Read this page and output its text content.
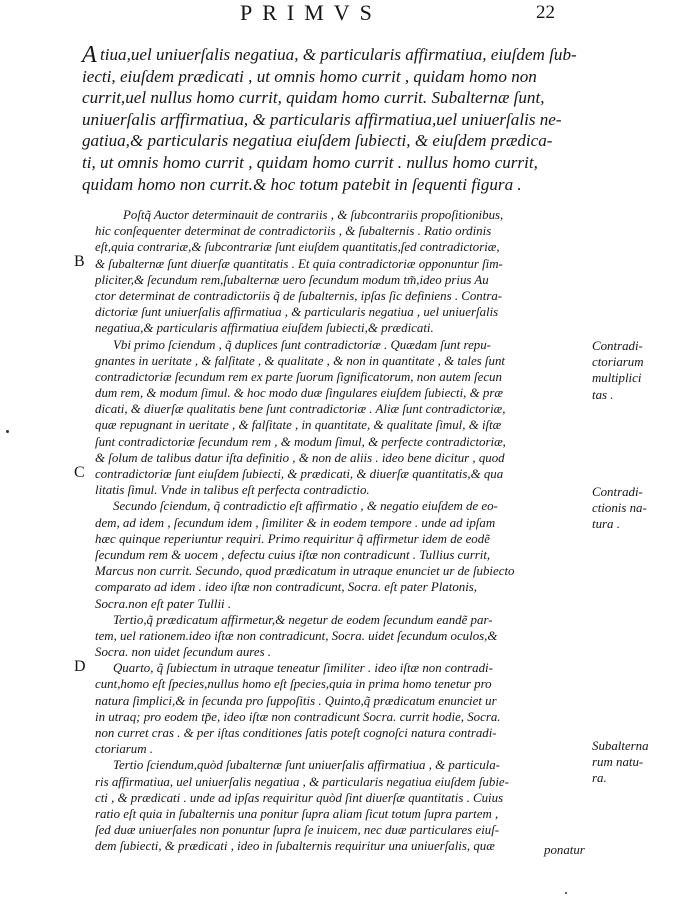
PRIMVS	22
A tiua,uel uniuerſalis negatiua, & particularis affirmatiua, eiuſdem ſub-
iecti, eiuſdem prædicati , ut omnis homo currit , quidam homo non
currit,uel nullus homo currit, quidam homo currit. Subalternæ ſunt,
uniuerſalis arffirmatiua, & particularis affirmatiua,uel uniuerſalis ne-
gatiua,& particularis negatiua eiuſdem ſubiecti, & eiuſdem prædica-
ti, ut omnis homo currit , quidam homo currit . nullus homo currit,
quidam homo non currit.& hoc totum patebit in ſequenti figura .
Poſtq̃ Auctor determinauit de contrariis , & ſubcontrariis propoſitionibus,
hic conſequenter determinat de contradictoriis , & ſubalternis . Ratio ordinis
eſt,quia contrariæ,& ſubcontrariæ ſunt eiuſdem quantitatis,ſed contradictoriæ,
& ſubalternæ ſunt diuerſæ quantitatis . Et quia contradictoriæ opponuntur ſim-
pliciter,& ſecundum rem,ſubalternæ uero ſecundum modum tm̃,ideo prius Au
ctor determinat de contradictoriis q̃ de ſubalternis, ipſas ſic definiens . Contra-
dictoriæ ſunt uniuerſalis affirmatiua , & particularis negatiua , uel uniuerſalis
negatiua,& particularis affirmatiua eiuſdem ſubiecti,& prædicati.
Vbi primo ſciendum , q̃ duplices ſunt contradictoriæ . Quædam ſunt repu-
gnantes in ueritate , & falſitate , & qualitate , & non in quantitate , & tales ſunt
contradictoriæ ſecundum rem ex parte ſuorum ſignificatorum, non autem ſecun
dum rem, & modum ſimul. & hoc modo duæ ſingulares eiuſdem ſubiecti, & præ
dicati, & diuerſæ qualitatis bene ſunt contradictoriæ . Aliæ ſunt contradictoriæ,
quæ repugnant in ueritate , & falſitate , in quantitate, & qualitate ſimul, & iſtæ
ſunt contradictoriæ ſecundum rem , & modum ſimul, & perfecte contradictoriæ,
& ſolum de talibus datur iſta definitio , & non de aliis . ideo bene dicitur , quod
contradictoriæ ſunt eiuſdem ſubiecti, & prædicati, & diuerſæ quantitatis,& qua
litatis ſimul. Vnde in talibus eſt perfecta contradictio.
Secundo ſciendum, q̃ contradictio eſt affirmatio , & negatio eiuſdem de eo-
dem, ad idem , ſecundum idem , ſimiliter & in eodem tempore . unde ad ipſam
hæc quinque reperiuntur requiri. Primo requiritur q̃ affirmetur idem de eodẽ
ſecundum rem & uocem , defectu cuius iſtæ non contradicunt . Tullius currit,
Marcus non currit. Secundo, quod prædicatum in utraque enunciet ur de ſubiecto
comparato ad idem . ideo iſtæ non contradicunt, Socra. eſt pater Platonis,
Socra.non eſt pater Tullii .
Tertio,q̃ prædicatum affirmetur,& negetur de eodem ſecundum eandẽ par-
tem, uel rationem.ideo iſtæ non contradicunt, Socra. uidet ſecundum oculos,&
Socra. non uidet ſecundum aures .
Quarto, q̃ ſubiectum in utraque teneatur ſimiliter . ideo iſtæ non contradi-
cunt,homo eſt ſpecies,nullus homo eſt ſpecies,quia in prima homo tenetur pro
natura ſimplici,& in ſecunda pro ſuppoſitis . Quinto,q̃ prædicatum enunciet ur
in utraq; pro eodem tp̃e, ideo iſtæ non contradicunt Socra. currit hodie, Socra.
non curret cras . & per iſtas conditiones ſatis poteſt cognoſci natura contradi-
ctoriarum .
Tertio ſciendum,quòd ſubalternæ ſunt uniuerſalis affirmatiua , & particula-
ris affirmatiua, uel uniuerſalis negatiua , & particularis negatiua eiuſdem ſubie-
cti , & prædicati . unde ad ipſas requiritur quòd ſint diuerſæ quantitatis . Cuius
ratio eſt quia in ſubalternis una ponitur ſupra aliam ſicut totum ſupra partem ,
ſed duæ uniuerſales non ponuntur ſupra ſe inuicem, nec duæ particulares eiuſ-
dem ſubiecti, & prædicati , ideo in ſubalternis requiritur una uniuerſalis, quæ
B
C
D
Contradi-
ctoriarum
multiplici
tas .
Contradi-
ctionis na-
tura .
Subalterna
rum natu-
ra.
ponatur
